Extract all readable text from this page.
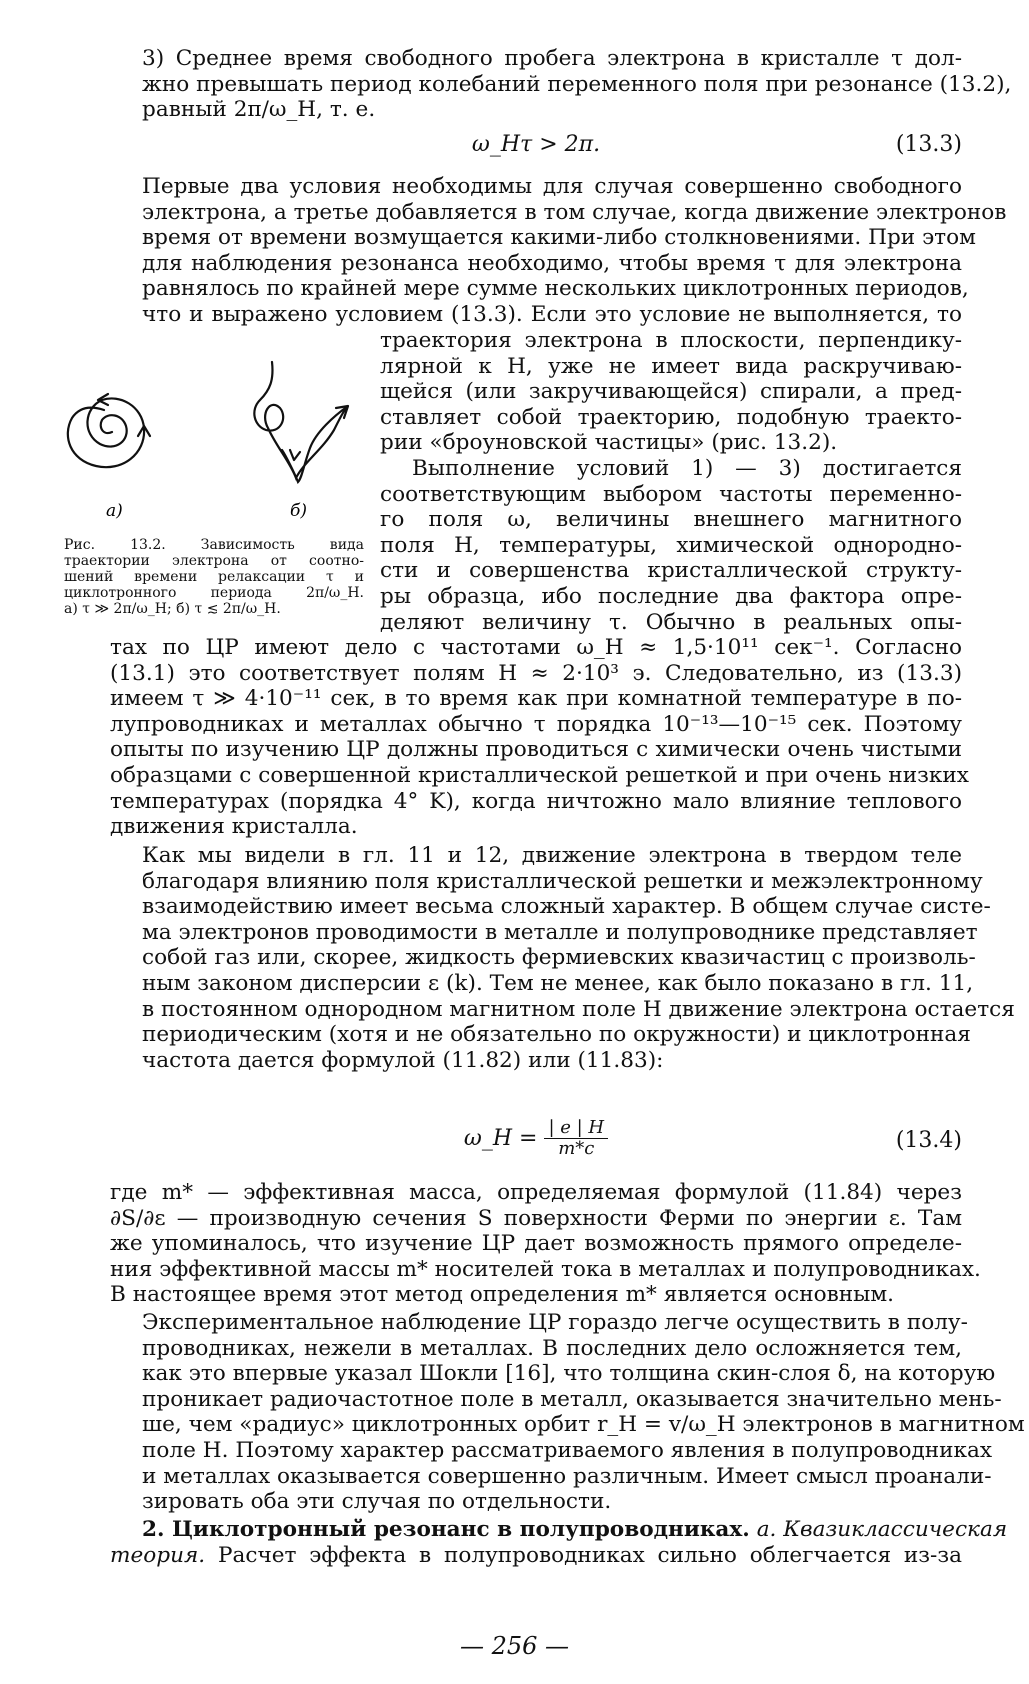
3) Среднее время свободного пробега электрона в кристалле τ дол-
жно превышать период колебаний переменного поля при резонансе (13.2),
равный 2π/ω_H, т. е.
ω_Hτ > 2π.	(13.3)
Первые два условия необходимы для случая совершенно свободного
электрона, а третье добавляется в том случае, когда движение электронов
время от времени возмущается какими-либо столкновениями. При этом
для наблюдения резонанса необходимо, чтобы время τ для электрона
равнялось по крайней мере сумме нескольких циклотронных периодов,
что и выражено условием (13.3). Если это условие не выполняется, то
а)	б)
Рис. 13.2. Зависимость вида
траектории электрона от соотно-
шений времени релаксации τ и
циклотронного периода 2π/ω_H.
а) τ ≫ 2π/ω_H; б) τ ≲ 2π/ω_H.
траектория электрона в плоскости, перпендику-
лярной к H, уже не имеет вида раскручиваю-
щейся (или закручивающейся) спирали, а пред-
ставляет собой траекторию, подобную траекто-
рии «броуновской частицы» (рис. 13.2).
Выполнение условий 1) — 3) достигается
соответствующим выбором частоты переменно-
го поля ω, величины внешнего магнитного
поля H, температуры, химической однородно-
сти и совершенства кристаллической структу-
ры образца, ибо последние два фактора опре-
деляют величину τ. Обычно в реальных опы-
тах по ЦР имеют дело с частотами ω_H ≈ 1,5·10¹¹ сек⁻¹. Согласно
(13.1) это соответствует полям H ≈ 2·10³ э. Следовательно, из (13.3)
имеем τ ≫ 4·10⁻¹¹ сек, в то время как при комнатной температуре в по-
лупроводниках и металлах обычно τ порядка 10⁻¹³—10⁻¹⁵ сек. Поэтому
опыты по изучению ЦР должны проводиться с химически очень чистыми
образцами с совершенной кристаллической решеткой и при очень низких
температурах (порядка 4° K), когда ничтожно мало влияние теплового
движения кристалла.
Как мы видели в гл. 11 и 12, движение электрона в твердом теле
благодаря влиянию поля кристаллической решетки и межэлектронному
взаимодействию имеет весьма сложный характер. В общем случае систе-
ма электронов проводимости в металле и полупроводнике представляет
собой газ или, скорее, жидкость фермиевских квазичастиц с произволь-
ным законом дисперсии ε (k). Тем не менее, как было показано в гл. 11,
в постоянном однородном магнитном поле H движение электрона остается
периодическим (хотя и не обязательно по окружности) и циклотронная
частота дается формулой (11.82) или (11.83):
ω_H = $\frac{| e | H}{m*c}$	(13.4)
где m* — эффективная масса, определяемая формулой (11.84) через
∂S/∂ε — производную сечения S поверхности Ферми по энергии ε. Там
же упоминалось, что изучение ЦР дает возможность прямого определе-
ния эффективной массы m* носителей тока в металлах и полупроводниках.
В настоящее время этот метод определения m* является основным.
Экспериментальное наблюдение ЦР гораздо легче осуществить в полу-
проводниках, нежели в металлах. В последних дело осложняется тем,
как это впервые указал Шокли [16], что толщина скин-слоя δ, на которую
проникает радиочастотное поле в металл, оказывается значительно мень-
ше, чем «радиус» циклотронных орбит r_H = v/ω_H электронов в магнитном
поле H. Поэтому характер рассматриваемого явления в полупроводниках
и металлах оказывается совершенно различным. Имеет смысл проанали-
зировать оба эти случая по отдельности.
2. Циклотронный резонанс в полупроводниках. а. Квазиклассическая
теория. Расчет эффекта в полупроводниках сильно облегчается из-за
— 256 —
